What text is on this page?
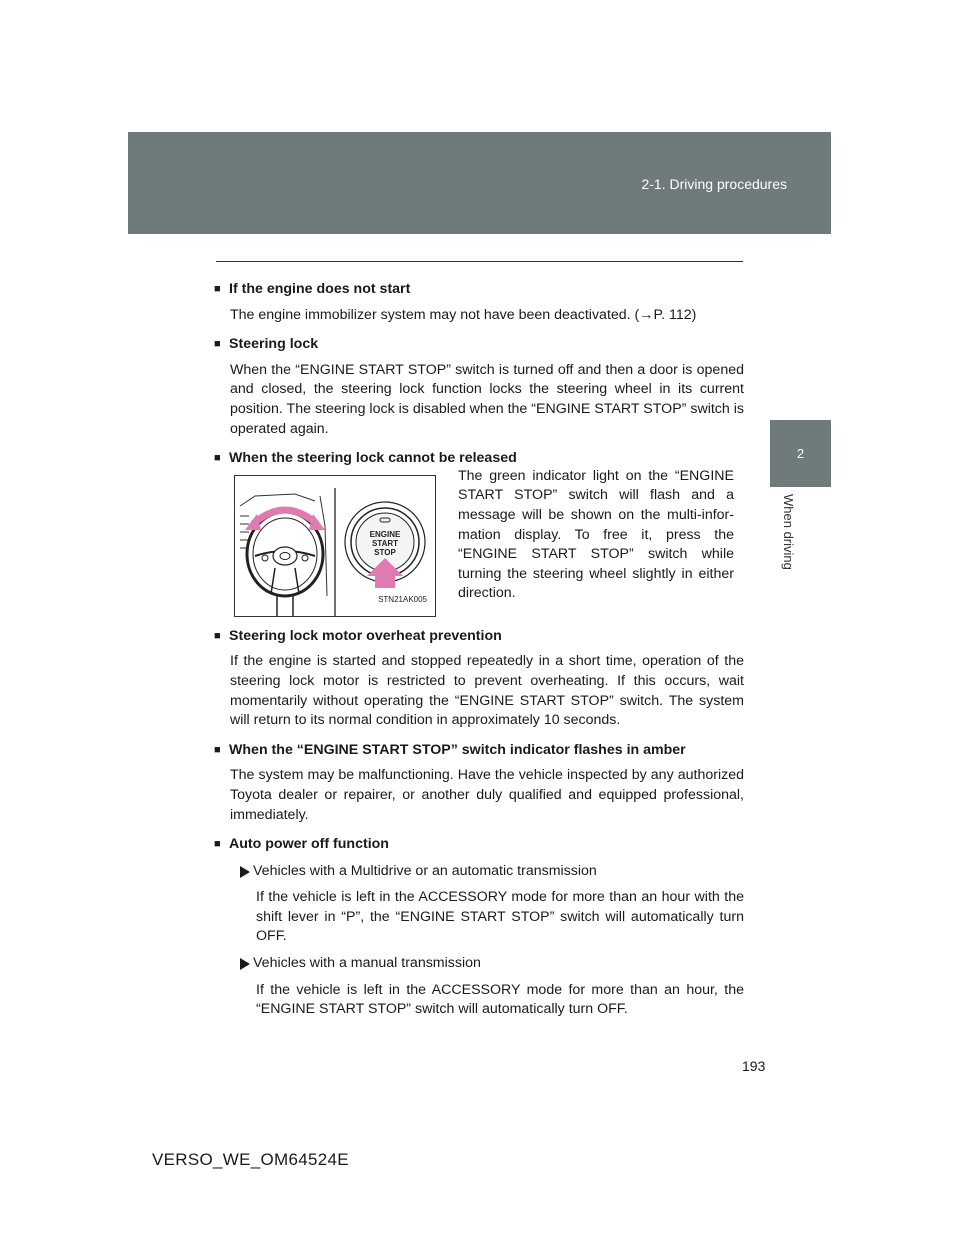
2-1. Driving procedures
2
When driving
■ If the engine does not start
The engine immobilizer system may not have been deactivated. (→P. 112)
■ Steering lock
When the “ENGINE START STOP” switch is turned off and then a door is opened and closed, the steering lock function locks the steering wheel in its current position. The steering lock is disabled when the “ENGINE START STOP” switch is operated again.
■ When the steering lock cannot be released
ENGINE
START
STOP
STN21AK005
The green indicator light on the “ENGINE START STOP” switch will flash and a message will be shown on the multi-infor-mation display. To free it, press the “ENGINE START STOP” switch while turning the steering wheel slightly in either direction.
■ Steering lock motor overheat prevention
If the engine is started and stopped repeatedly in a short time, operation of the steering lock motor is restricted to prevent overheating. If this occurs, wait momentarily without operating the “ENGINE START STOP” switch. The system will return to its normal condition in approximately 10 seconds.
■ When the “ENGINE START STOP” switch indicator flashes in amber
The system may be malfunctioning. Have the vehicle inspected by any authorized Toyota dealer or repairer, or another duly qualified and equipped professional, immediately.
■ Auto power off function
Vehicles with a Multidrive or an automatic transmission
If the vehicle is left in the ACCESSORY mode for more than an hour with the shift lever in “P”, the “ENGINE START STOP” switch will automatically turn OFF.
Vehicles with a manual transmission
If the vehicle is left in the ACCESSORY mode for more than an hour, the “ENGINE START STOP” switch will automatically turn OFF.
193
VERSO_WE_OM64524E
